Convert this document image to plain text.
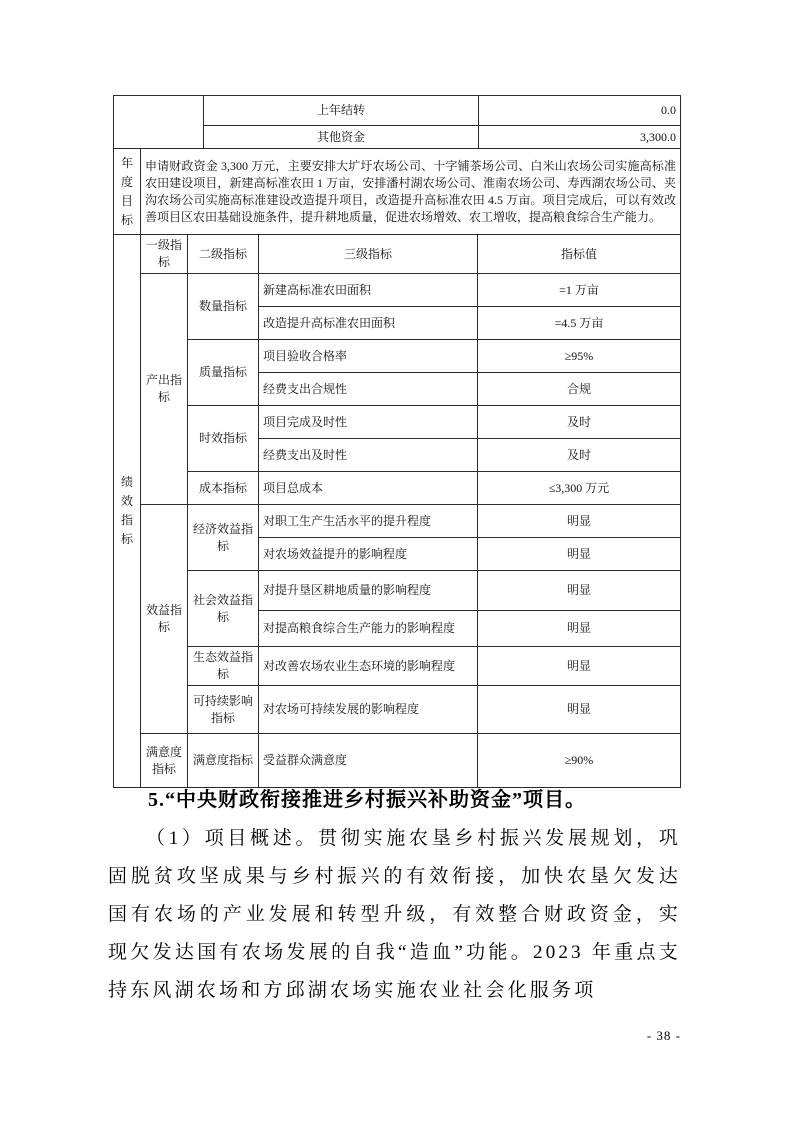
	上年结转	0.0
	其他资金	3,300.0
年度目标	申请财政资金 3,300 万元，主要安排大圹圩农场公司、十字铺茶场公司、白米山农场公司实施高标准农田建设项目，新建高标准农田 1 万亩，安排潘村湖农场公司、淮南农场公司、寿西湖农场公司、夹沟农场公司实施高标准建设改造提升项目，改造提升高标准农田 4.5 万亩。项目完成后，可以有效改善项目区农田基础设施条件，提升耕地质量，促进农场增效、农工增收，提高粮食综合生产能力。
绩效指标	一级指标	二级指标	三级指标	指标值
	产出指标	数量指标	新建高标准农田面积	=1 万亩
			改造提升高标准农田面积	=4.5 万亩
		质量指标	项目验收合格率	≥95%
			经费支出合规性	合规
		时效指标	项目完成及时性	及时
			经费支出及时性	及时
		成本指标	项目总成本	≤3,300 万元
	效益指标	经济效益指标	对职工生产生活水平的提升程度	明显
			对农场效益提升的影响程度	明显
		社会效益指标	对提升垦区耕地质量的影响程度	明显
			对提高粮食综合生产能力的影响程度	明显
		生态效益指标	对改善农场农业生态环境的影响程度	明显
		可持续影响指标	对农场可持续发展的影响程度	明显
	满意度指标	满意度指标	受益群众满意度	≥90%
5.“中央财政衔接推进乡村振兴补助资金”项目。
（1）项目概述。贯彻实施农垦乡村振兴发展规划，巩固脱贫攻坚成果与乡村振兴的有效衔接，加快农垦欠发达国有农场的产业发展和转型升级，有效整合财政资金，实现欠发达国有农场发展的自我“造血”功能。2023 年重点支持东风湖农场和方邱湖农场实施农业社会化服务项
- 38 -
